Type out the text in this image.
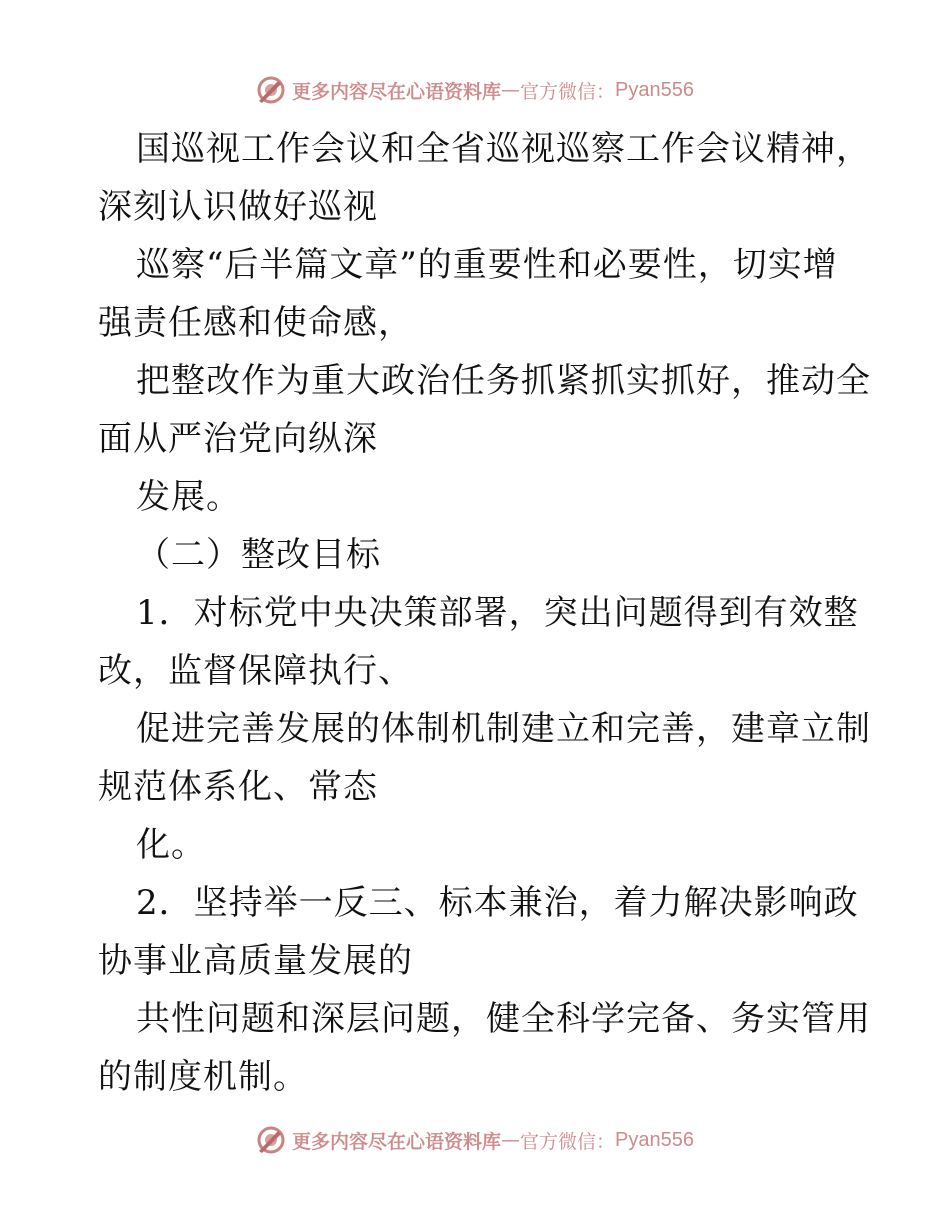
更多内容尽在心语资料库 — 官方微信： Pyan556
国巡视工作会议和全省巡视巡察工作会议精神，
深刻认识做好巡视
巡察“后半篇文章”的重要性和必要性，切实增
强责任感和使命感，
把整改作为重大政治任务抓紧抓实抓好，推动全
面从严治党向纵深
发展。
（二）整改目标
1．对标党中央决策部署，突出问题得到有效整
改，监督保障执行、
促进完善发展的体制机制建立和完善，建章立制
规范体系化、常态
化。
2．坚持举一反三、标本兼治，着力解决影响政
协事业高质量发展的
共性问题和深层问题，健全科学完备、务实管用
的制度机制。
更多内容尽在心语资料库 — 官方微信： Pyan556
